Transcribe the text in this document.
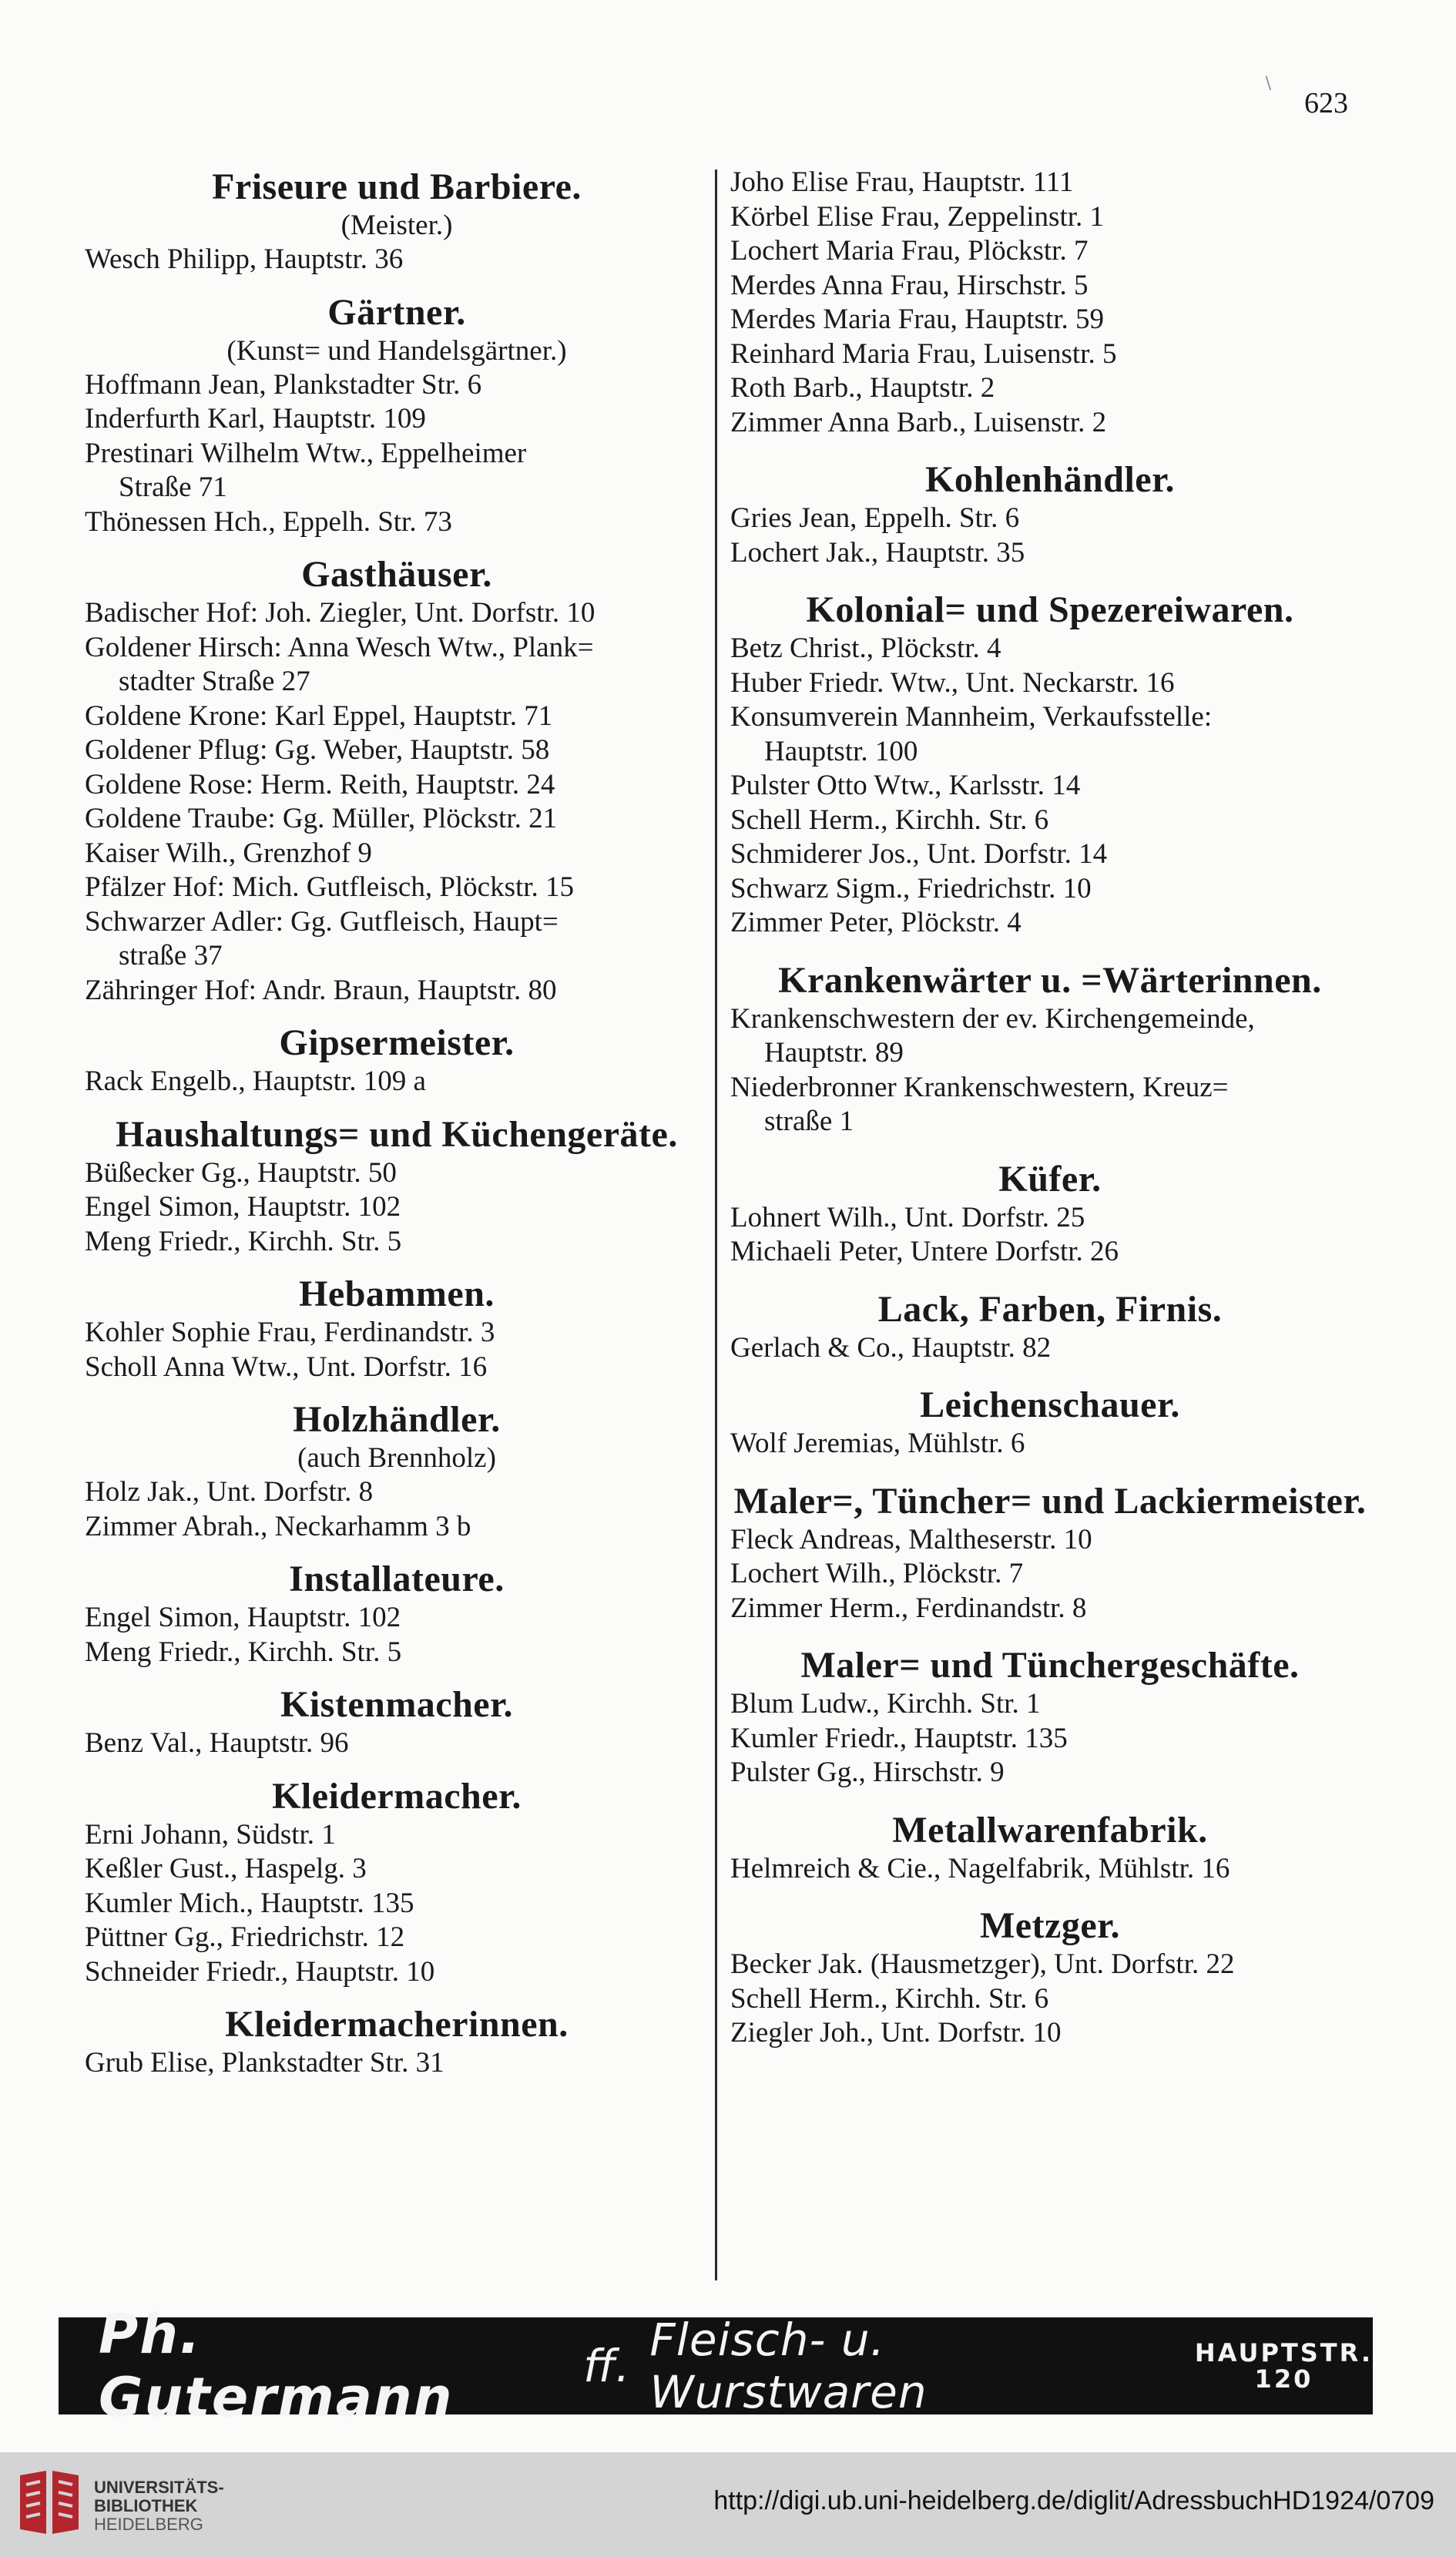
\
623
Friseure und Barbiere.
(Meister.)
Wesch Philipp, Hauptstr. 36
Gärtner.
(Kunst= und Handelsgärtner.)
Hoffmann Jean, Plankstadter Str. 6
Inderfurth Karl, Hauptstr. 109
Prestinari Wilhelm Wtw., Eppelheimer
Straße 71
Thönessen Hch., Eppelh. Str. 73
Gasthäuser.
Badischer Hof: Joh. Ziegler, Unt. Dorfstr. 10
Goldener Hirsch: Anna Wesch Wtw., Plank=
stadter Straße 27
Goldene Krone: Karl Eppel, Hauptstr. 71
Goldener Pflug: Gg. Weber, Hauptstr. 58
Goldene Rose: Herm. Reith, Hauptstr. 24
Goldene Traube: Gg. Müller, Plöckstr. 21
Kaiser Wilh., Grenzhof 9
Pfälzer Hof: Mich. Gutfleisch, Plöckstr. 15
Schwarzer Adler: Gg. Gutfleisch, Haupt=
straße 37
Zähringer Hof: Andr. Braun, Hauptstr. 80
Gipsermeister.
Rack Engelb., Hauptstr. 109 a
Haushaltungs= und Küchengeräte.
Büßecker Gg., Hauptstr. 50
Engel Simon, Hauptstr. 102
Meng Friedr., Kirchh. Str. 5
Hebammen.
Kohler Sophie Frau, Ferdinandstr. 3
Scholl Anna Wtw., Unt. Dorfstr. 16
Holzhändler.
(auch Brennholz)
Holz Jak., Unt. Dorfstr. 8
Zimmer Abrah., Neckarhamm 3 b
Installateure.
Engel Simon, Hauptstr. 102
Meng Friedr., Kirchh. Str. 5
Kistenmacher.
Benz Val., Hauptstr. 96
Kleidermacher.
Erni Johann, Südstr. 1
Keßler Gust., Haspelg. 3
Kumler Mich., Hauptstr. 135
Püttner Gg., Friedrichstr. 12
Schneider Friedr., Hauptstr. 10
Kleidermacherinnen.
Grub Elise, Plankstadter Str. 31
Joho Elise Frau, Hauptstr. 111
Körbel Elise Frau, Zeppelinstr. 1
Lochert Maria Frau, Plöckstr. 7
Merdes Anna Frau, Hirschstr. 5
Merdes Maria Frau, Hauptstr. 59
Reinhard Maria Frau, Luisenstr. 5
Roth Barb., Hauptstr. 2
Zimmer Anna Barb., Luisenstr. 2
Kohlenhändler.
Gries Jean, Eppelh. Str. 6
Lochert Jak., Hauptstr. 35
Kolonial= und Spezereiwaren.
Betz Christ., Plöckstr. 4
Huber Friedr. Wtw., Unt. Neckarstr. 16
Konsumverein Mannheim, Verkaufsstelle:
Hauptstr. 100
Pulster Otto Wtw., Karlsstr. 14
Schell Herm., Kirchh. Str. 6
Schmiderer Jos., Unt. Dorfstr. 14
Schwarz Sigm., Friedrichstr. 10
Zimmer Peter, Plöckstr. 4
Krankenwärter u. =Wärterinnen.
Krankenschwestern der ev. Kirchengemeinde,
Hauptstr. 89
Niederbronner Krankenschwestern, Kreuz=
straße 1
Küfer.
Lohnert Wilh., Unt. Dorfstr. 25
Michaeli Peter, Untere Dorfstr. 26
Lack, Farben, Firnis.
Gerlach & Co., Hauptstr. 82
Leichenschauer.
Wolf Jeremias, Mühlstr. 6
Maler=, Tüncher= und Lackiermeister.
Fleck Andreas, Maltheserstr. 10
Lochert Wilh., Plöckstr. 7
Zimmer Herm., Ferdinandstr. 8
Maler= und Tünchergeschäfte.
Blum Ludw., Kirchh. Str. 1
Kumler Friedr., Hauptstr. 135
Pulster Gg., Hirschstr. 9
Metallwarenfabrik.
Helmreich & Cie., Nagelfabrik, Mühlstr. 16
Metzger.
Becker Jak. (Hausmetzger), Unt. Dorfstr. 22
Schell Herm., Kirchh. Str. 6
Ziegler Joh., Unt. Dorfstr. 10
Ph. Gutermann	ff. Fleisch- u. Wurstwaren
HAUPTSTR.
120
UNIVERSITÄTS-
BIBLIOTHEK
HEIDELBERG
http://digi.ub.uni-heidelberg.de/diglit/AdressbuchHD1924/0709
